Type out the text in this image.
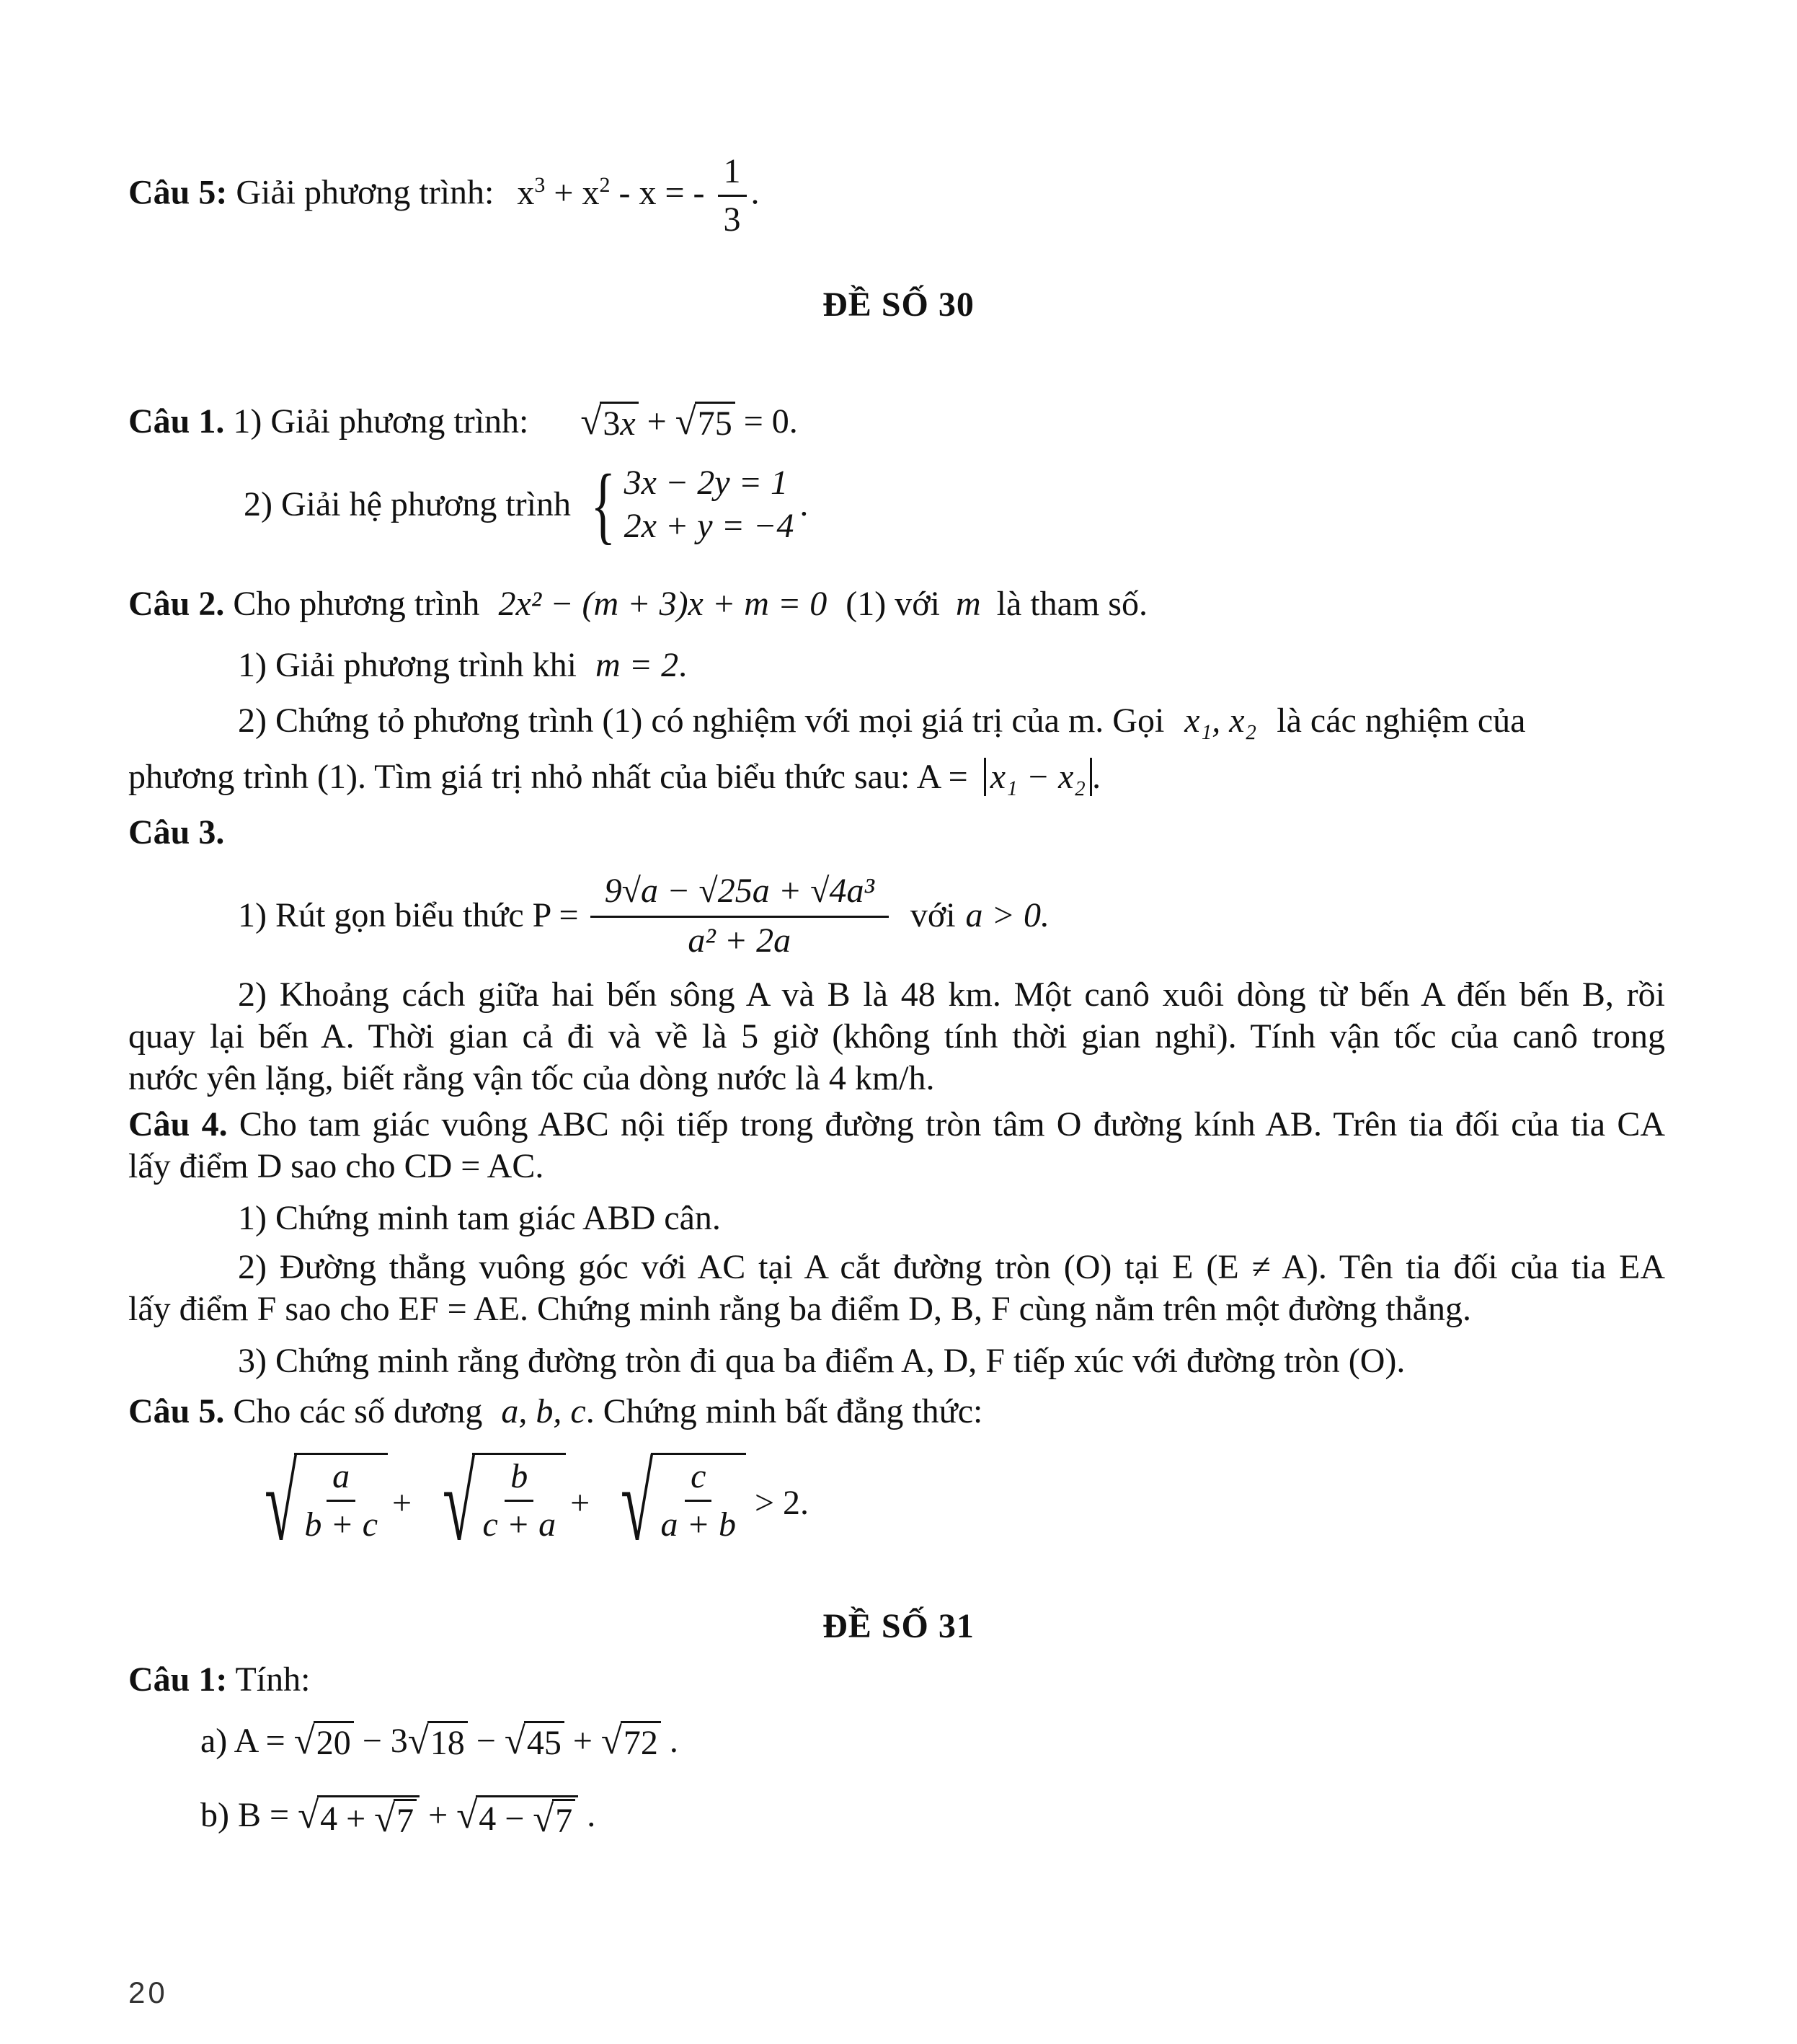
Câu 5: Giải phương trình: $x^3 + x^2 - x$ = - $\frac{1}{3}$ .
ĐỀ SỐ 30
Câu 1. 1) Giải phương trình: √ 3x + √ 75 = 0.
2) Giải hệ phương trình { 3x − 2y = 1
2x + y = −4
.
Câu 2. Cho phương trình 2x² − (m + 3)x + m = 0 (1) với m là tham số.
1) Giải phương trình khi m = 2.
2) Chứng tỏ phương trình (1) có nghiệm với mọi giá trị của m. Gọi x₁, x₂ là các nghiệm của
phương trình (1). Tìm giá trị nhỏ nhất của biểu thức sau: A = x₁ − x₂ .
Câu 3.
1) Rút gọn biểu thức $P = \frac{\text{9√a − √25a + √4a³}}{\text{a² + 2a}}$ với a > 0.
2) Khoảng cách giữa hai bến sông A và B là 48 km. Một canô xuôi dòng từ bến A đến bến B, rồi
quay lại bến A. Thời gian cả đi và về là 5 giờ (không tính thời gian nghỉ). Tính vận tốc của canô trong
nước yên lặng, biết rằng vận tốc của dòng nước là 4 km/h.
Câu 4. Cho tam giác vuông ABC nội tiếp trong đường tròn tâm O đường kính AB. Trên tia đối của tia CA
lấy điểm D sao cho CD = AC.
1) Chứng minh tam giác ABD cân.
2) Đường thẳng vuông góc với AC tại A cắt đường tròn (O) tại E (E ≠ A). Tên tia đối của tia EA
lấy điểm F sao cho EF = AE. Chứng minh rằng ba điểm D, B, F cùng nằm trên một đường thẳng.
3) Chứng minh rằng đường tròn đi qua ba điểm A, D, F tiếp xúc với đường tròn (O).
Câu 5. Cho các số dương a, b, c. Chứng minh bất đẳng thức:
√ $\frac{a}{b + c}$ + √ $\frac{b}{c + a}$ + √ $\frac{c}{a + b} > 2$.
ĐỀ SỐ 31
Câu 1: Tính:
a) A = √ 20 − 3 √ 18 − √ 45 + √ 72 .
b) B = √ 4 + √ 7 + √ 4 − √ 7 .
20
